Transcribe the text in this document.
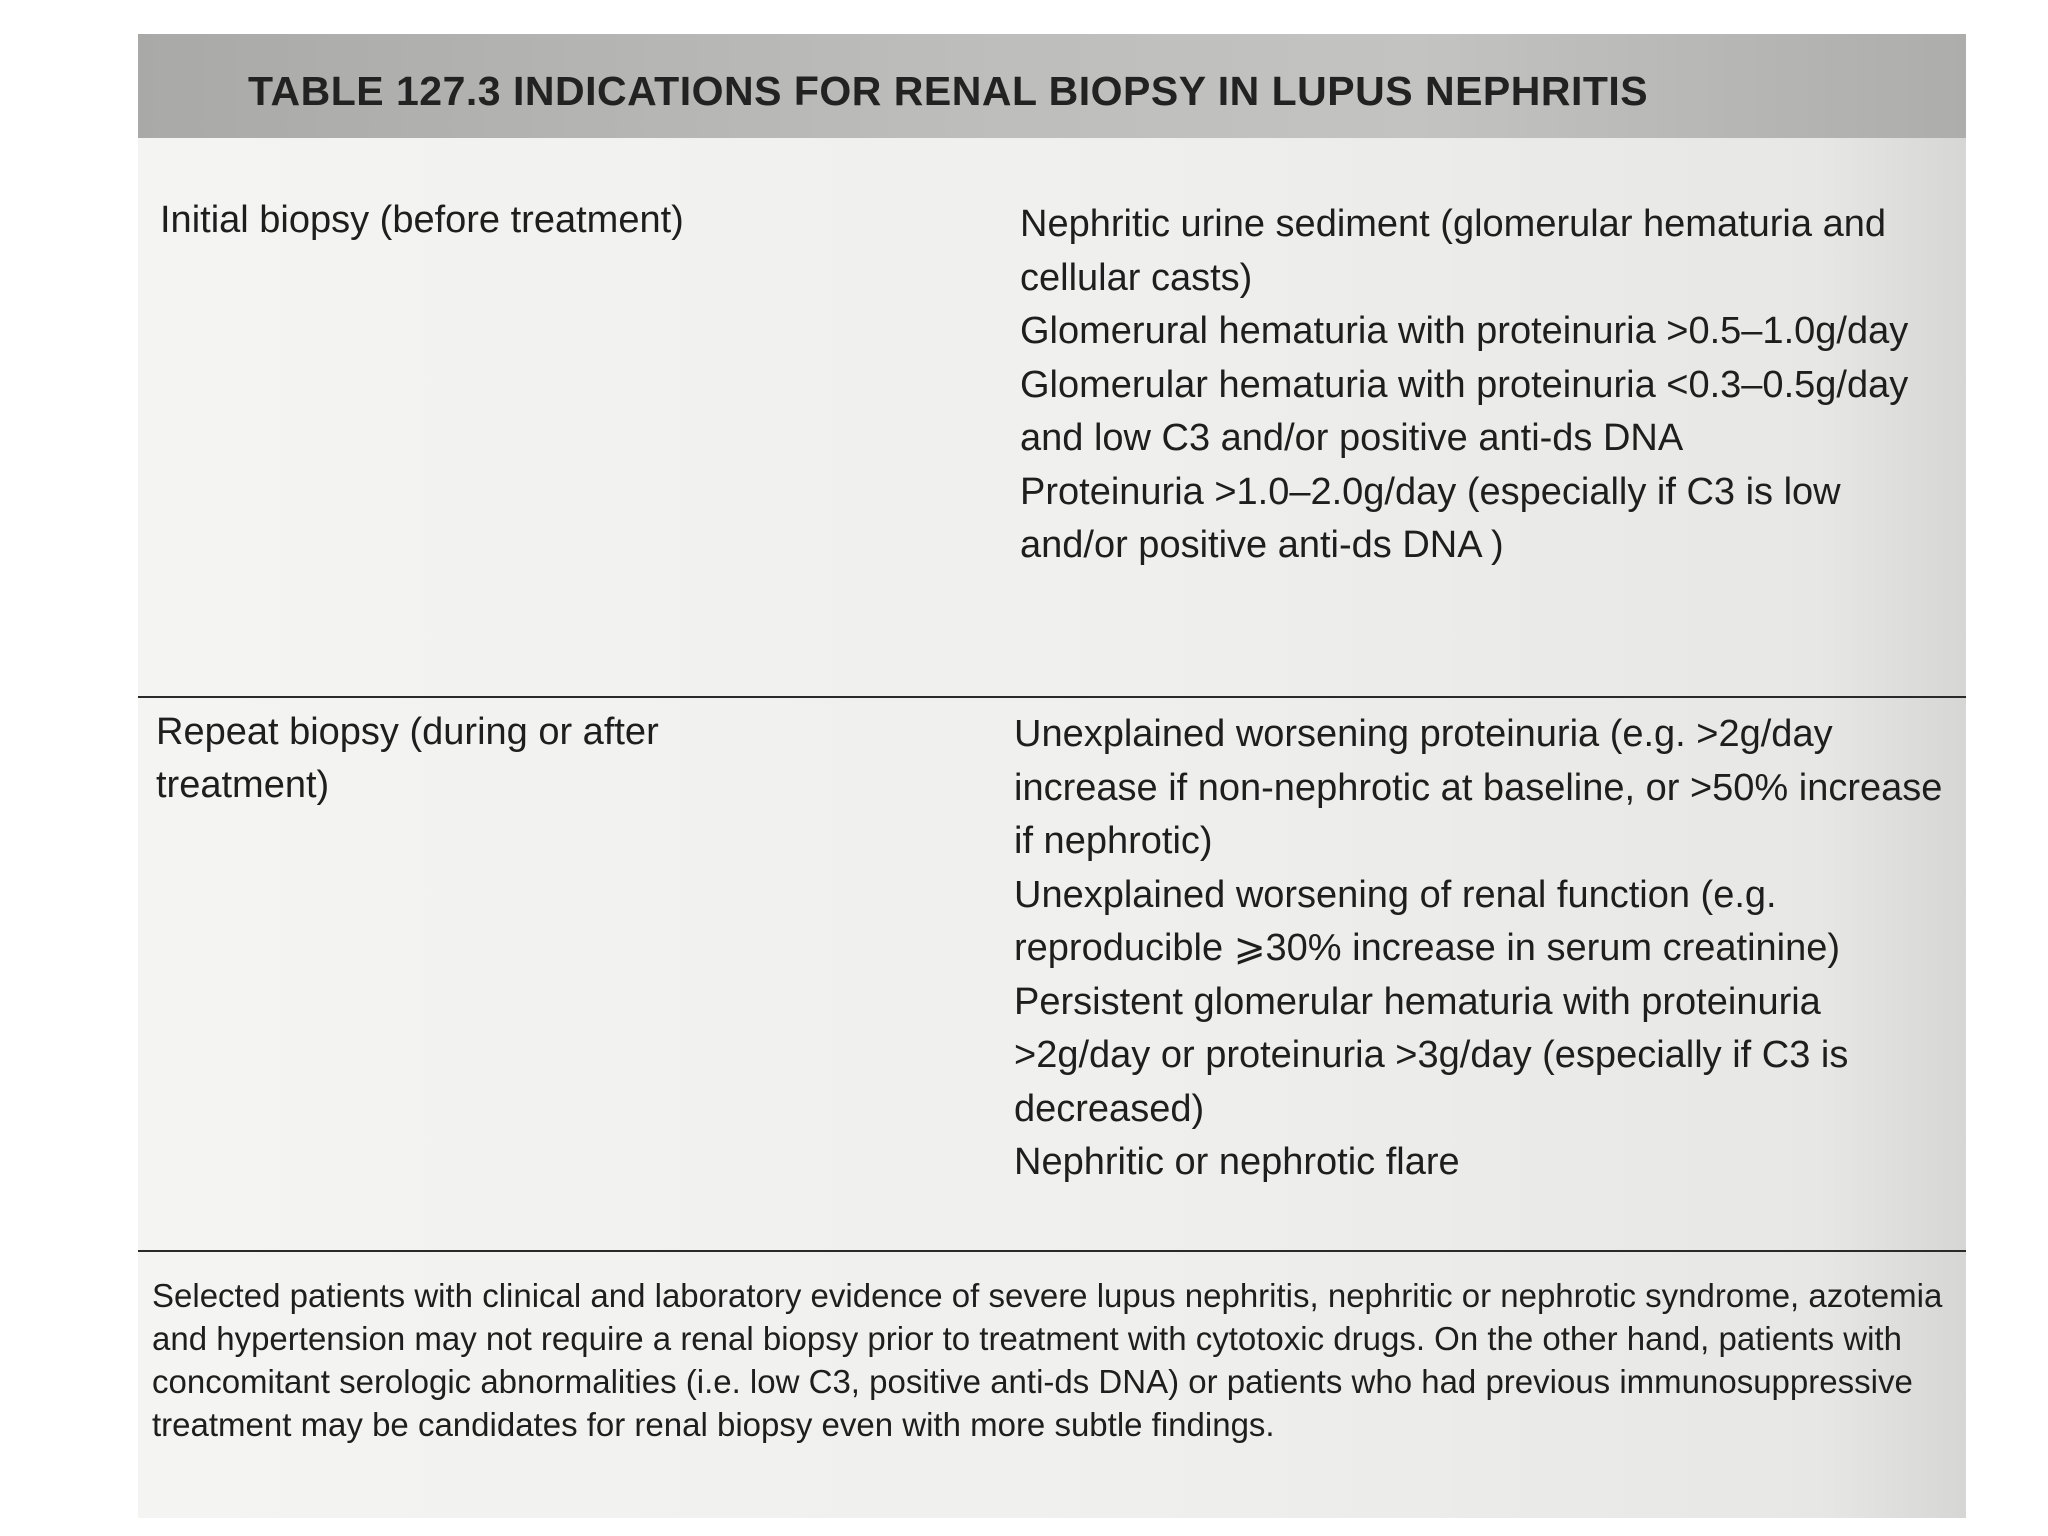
TABLE 127.3 INDICATIONS FOR RENAL BIOPSY IN LUPUS NEPHRITIS
Initial biopsy (before treatment)	Nephritic urine sediment (glomerular hematuria and cellular casts)
Glomerural hematuria with proteinuria >0.5–1.0g/day
Glomerular hematuria with proteinuria <0.3–0.5g/day and low C3 and/or positive anti-ds DNA
Proteinuria >1.0–2.0g/day (especially if C3 is low and/or positive anti-ds DNA )
Repeat biopsy (during or after treatment)
Unexplained worsening proteinuria (e.g. >2g/day increase if non-nephrotic at baseline, or >50% increase if nephrotic)
Unexplained worsening of renal function (e.g. reproducible ⩾30% increase in serum creatinine)
Persistent glomerular hematuria with proteinuria >2g/day or proteinuria >3g/day (especially if C3 is decreased)
Nephritic or nephrotic flare

Selected patients with clinical and laboratory evidence of severe lupus nephritis, nephritic or nephrotic syndrome, azotemia and hypertension may not require a renal biopsy prior to treatment with cytotoxic drugs. On the other hand, patients with concomitant serologic abnormalities (i.e. low C3, positive anti-ds DNA) or patients who had previous immunosuppressive treatment may be candidates for renal biopsy even with more subtle findings.
